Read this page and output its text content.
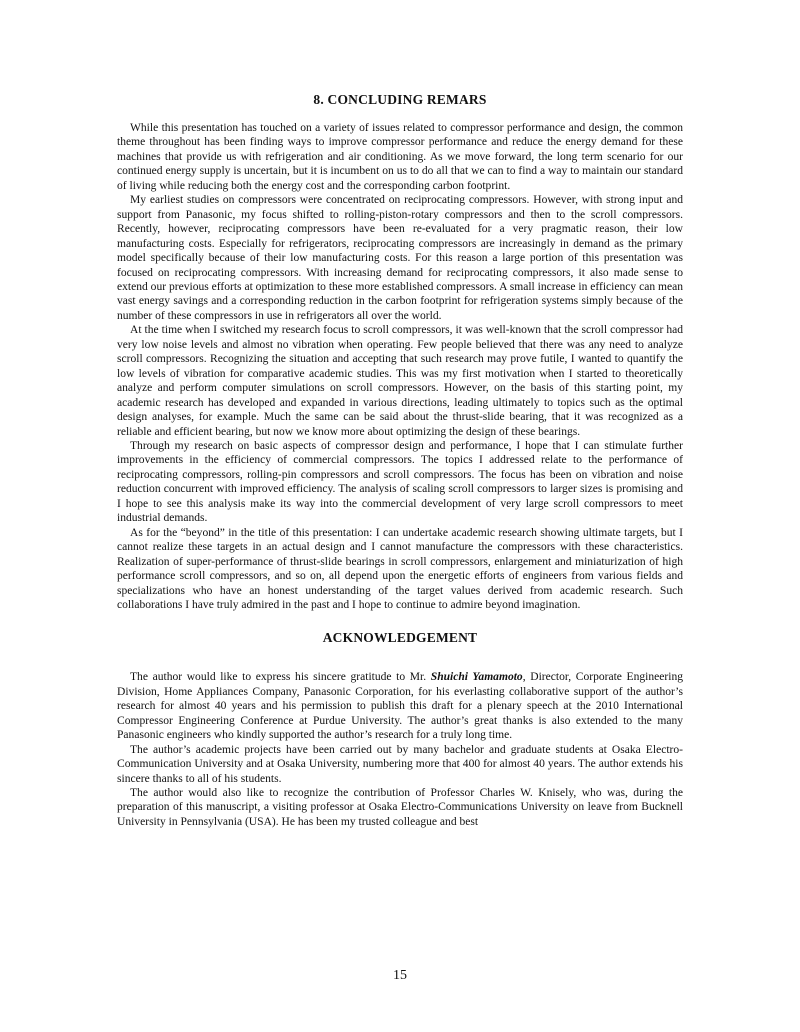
8. CONCLUDING REMARS

While this presentation has touched on a variety of issues related to compressor performance and design, the common theme throughout has been finding ways to improve compressor performance and reduce the energy demand for these machines that provide us with refrigeration and air conditioning. As we move forward, the long term scenario for our continued energy supply is uncertain, but it is incumbent on us to do all that we can to find a way to maintain our standard of living while reducing both the energy cost and the corresponding carbon footprint.

My earliest studies on compressors were concentrated on reciprocating compressors. However, with strong input and support from Panasonic, my focus shifted to rolling-piston-rotary compressors and then to the scroll compressors. Recently, however, reciprocating compressors have been re-evaluated for a very pragmatic reason, their low manufacturing costs. Especially for refrigerators, reciprocating compressors are increasingly in demand as the primary model specifically because of their low manufacturing costs. For this reason a large portion of this presentation was focused on reciprocating compressors. With increasing demand for reciprocating compressors, it also made sense to extend our previous efforts at optimization to these more established compressors. A small increase in efficiency can mean vast energy savings and a corresponding reduction in the carbon footprint for refrigeration systems simply because of the number of these compressors in use in refrigerators all over the world.

At the time when I switched my research focus to scroll compressors, it was well-known that the scroll compressor had very low noise levels and almost no vibration when operating. Few people believed that there was any need to analyze scroll compressors. Recognizing the situation and accepting that such research may prove futile, I wanted to quantify the low levels of vibration for comparative academic studies. This was my first motivation when I started to theoretically analyze and perform computer simulations on scroll compressors. However, on the basis of this starting point, my academic research has developed and expanded in various directions, leading ultimately to topics such as the optimal design analyses, for example. Much the same can be said about the thrust-slide bearing, that it was recognized as a reliable and efficient bearing, but now we know more about optimizing the design of these bearings.

Through my research on basic aspects of compressor design and performance, I hope that I can stimulate further improvements in the efficiency of commercial compressors. The topics I addressed relate to the performance of reciprocating compressors, rolling-pin compressors and scroll compressors. The focus has been on vibration and noise reduction concurrent with improved efficiency. The analysis of scaling scroll compressors to larger sizes is promising and I hope to see this analysis make its way into the commercial development of very large scroll compressors to meet industrial demands.

As for the “beyond” in the title of this presentation: I can undertake academic research showing ultimate targets, but I cannot realize these targets in an actual design and I cannot manufacture the compressors with these characteristics. Realization of super-performance of thrust-slide bearings in scroll compressors, enlargement and miniaturization of high performance scroll compressors, and so on, all depend upon the energetic efforts of engineers from various fields and specializations who have an honest understanding of the target values derived from academic research. Such collaborations I have truly admired in the past and I hope to continue to admire beyond imagination.

ACKNOWLEDGEMENT

The author would like to express his sincere gratitude to Mr. Shuichi Yamamoto, Director, Corporate Engineering Division, Home Appliances Company, Panasonic Corporation, for his everlasting collaborative support of the author’s research for almost 40 years and his permission to publish this draft for a plenary speech at the 2010 International Compressor Engineering Conference at Purdue University. The author’s great thanks is also extended to the many Panasonic engineers who kindly supported the author’s research for a truly long time.

The author’s academic projects have been carried out by many bachelor and graduate students at Osaka Electro-Communication University and at Osaka University, numbering more that 400 for almost 40 years. The author extends his sincere thanks to all of his students.

The author would also like to recognize the contribution of Professor Charles W. Knisely, who was, during the preparation of this manuscript, a visiting professor at Osaka Electro-Communications University on leave from Bucknell University in Pennsylvania (USA). He has been my trusted colleague and best

15
